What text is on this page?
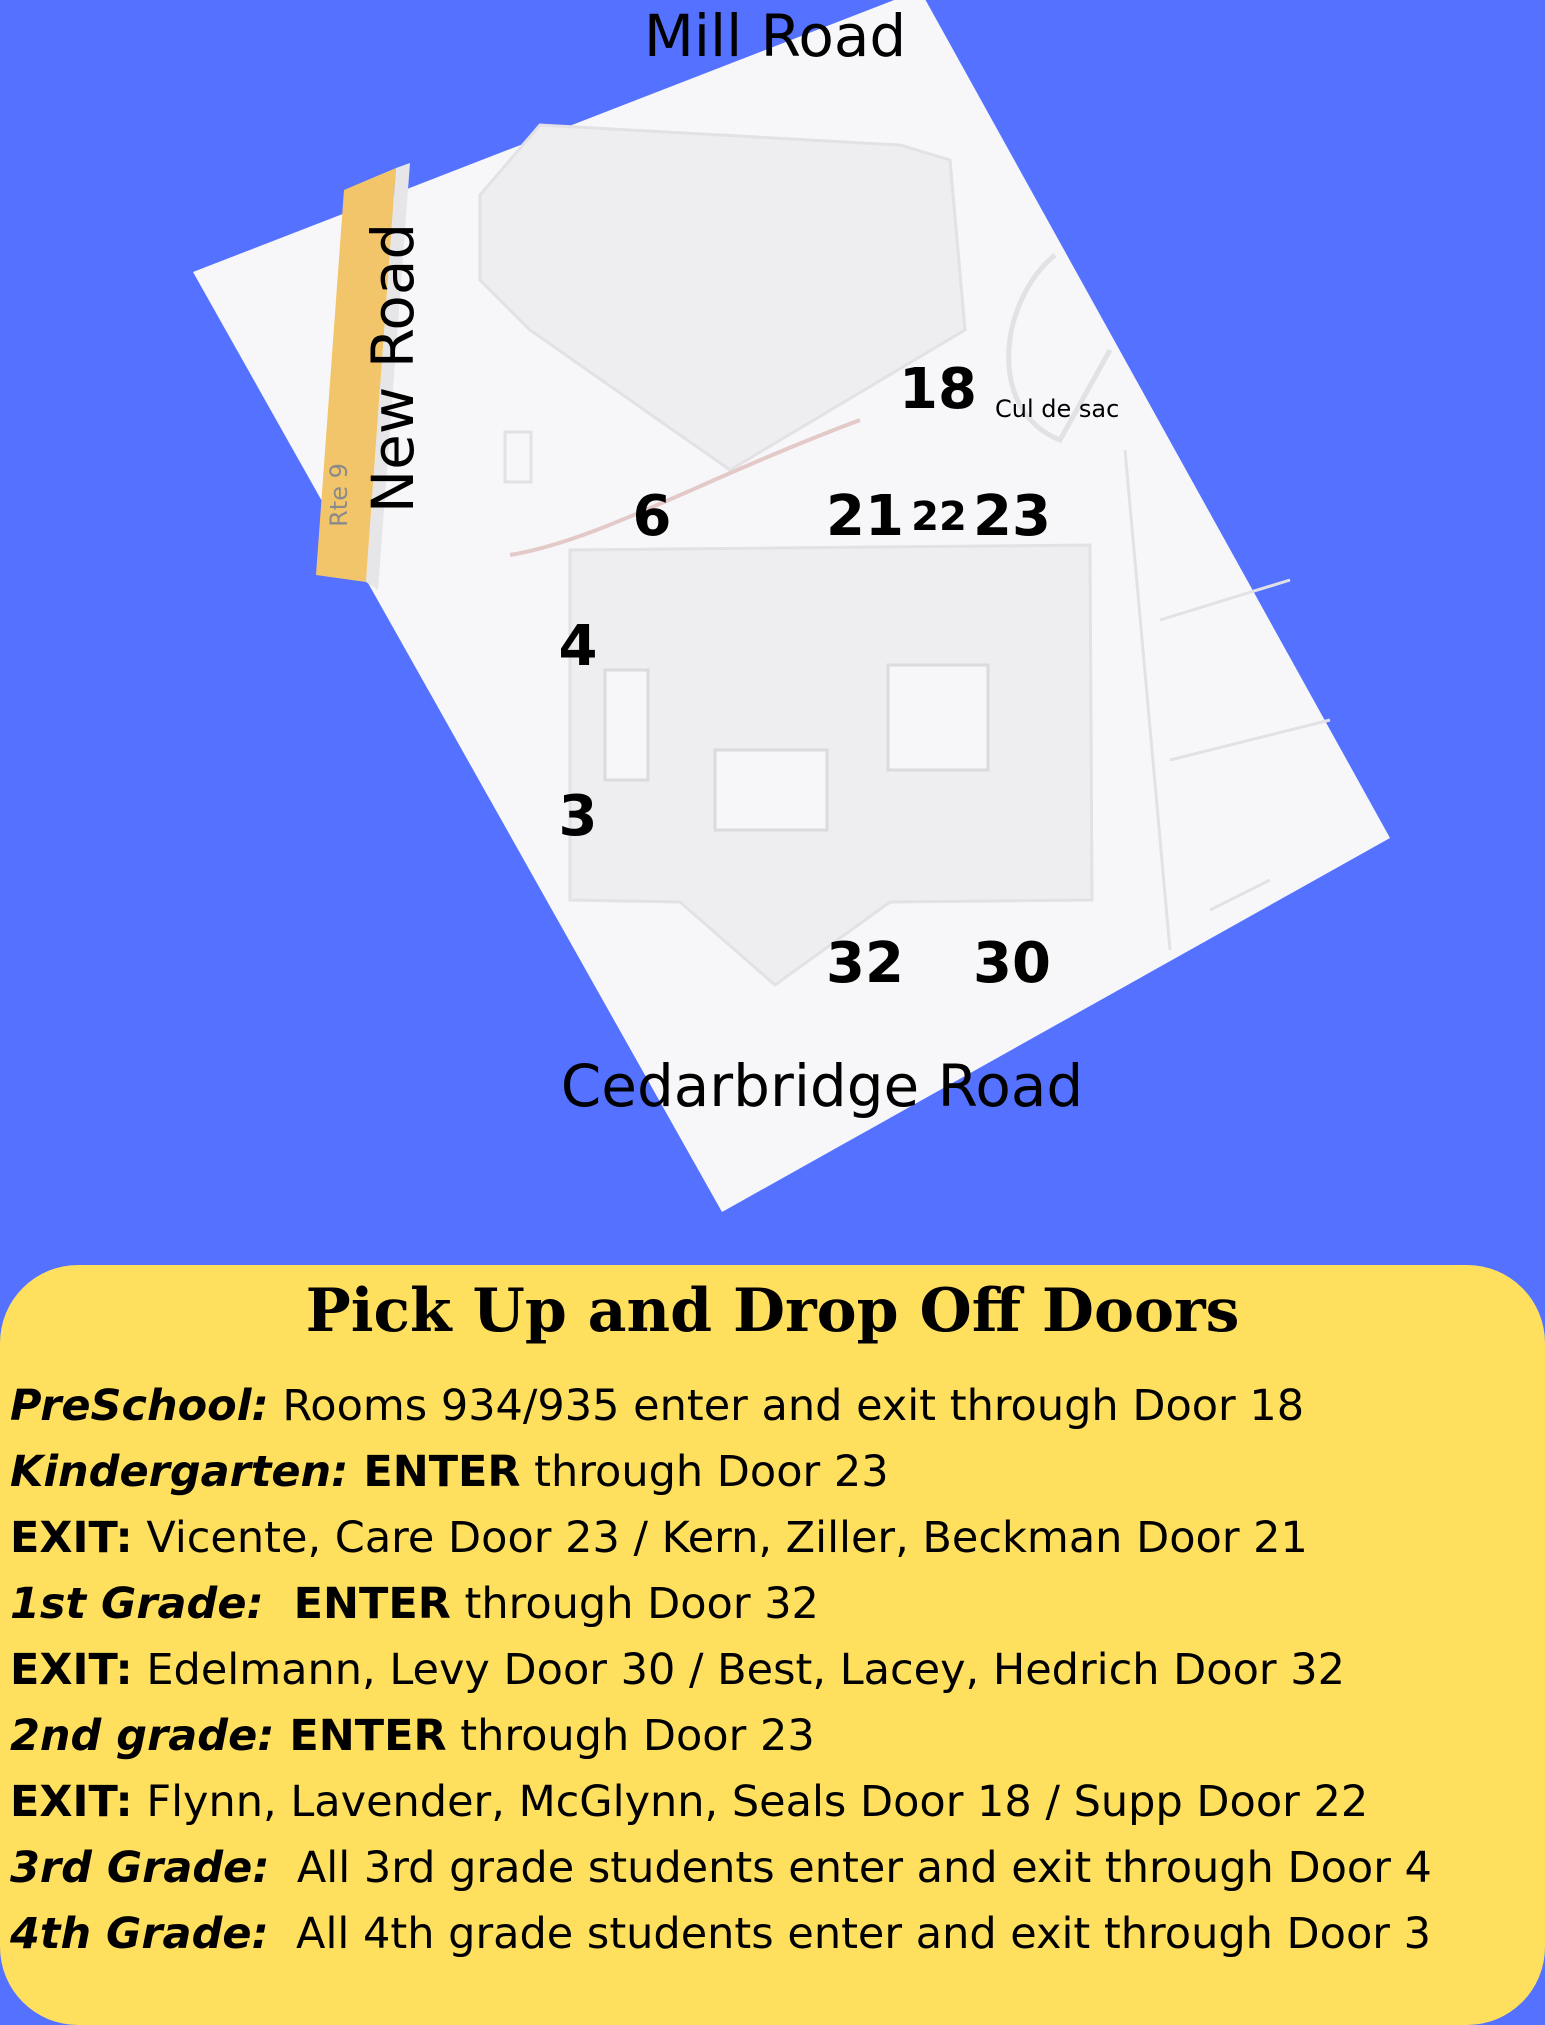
Mill Road
New Road
Rte 9
Cedarbridge Road
Cul de sac
18
6	21 22 23
4
3
32 30
Pick Up and Drop Off Doors
PreSchool: Rooms 934/935 enter and exit through Door 18
Kindergarten: ENTER through Door 23
EXIT: Vicente, Care Door 23 / Kern, Ziller, Beckman Door 21
1st Grade:  ENTER through Door 32
EXIT: Edelmann, Levy Door 30 / Best, Lacey, Hedrich Door 32
2nd grade: ENTER through Door 23
EXIT: Flynn, Lavender, McGlynn, Seals Door 18 / Supp Door 22
3rd Grade:  All 3rd grade students enter and exit through Door 4
4th Grade:  All 4th grade students enter and exit through Door 3
